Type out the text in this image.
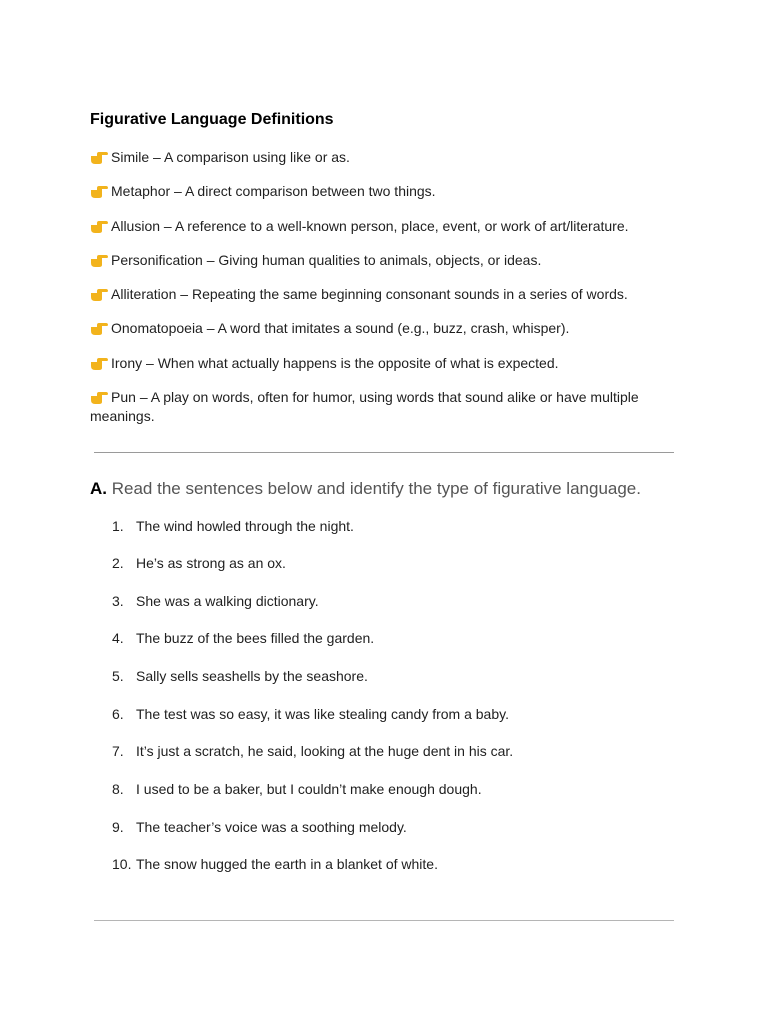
Figurative Language Definitions
Simile – A comparison using like or as.
Metaphor – A direct comparison between two things.
Allusion – A reference to a well-known person, place, event, or work of art/literature.
Personification – Giving human qualities to animals, objects, or ideas.
Alliteration – Repeating the same beginning consonant sounds in a series of words.
Onomatopoeia – A word that imitates a sound (e.g., buzz, crash, whisper).
Irony – When what actually happens is the opposite of what is expected.
Pun – A play on words, often for humor, using words that sound alike or have multiple meanings.
A. Read the sentences below and identify the type of figurative language.
1. The wind howled through the night.
2. He’s as strong as an ox.
3. She was a walking dictionary.
4. The buzz of the bees filled the garden.
5. Sally sells seashells by the seashore.
6. The test was so easy, it was like stealing candy from a baby.
7. It’s just a scratch, he said, looking at the huge dent in his car.
8. I used to be a baker, but I couldn’t make enough dough.
9. The teacher’s voice was a soothing melody.
10. The snow hugged the earth in a blanket of white.
